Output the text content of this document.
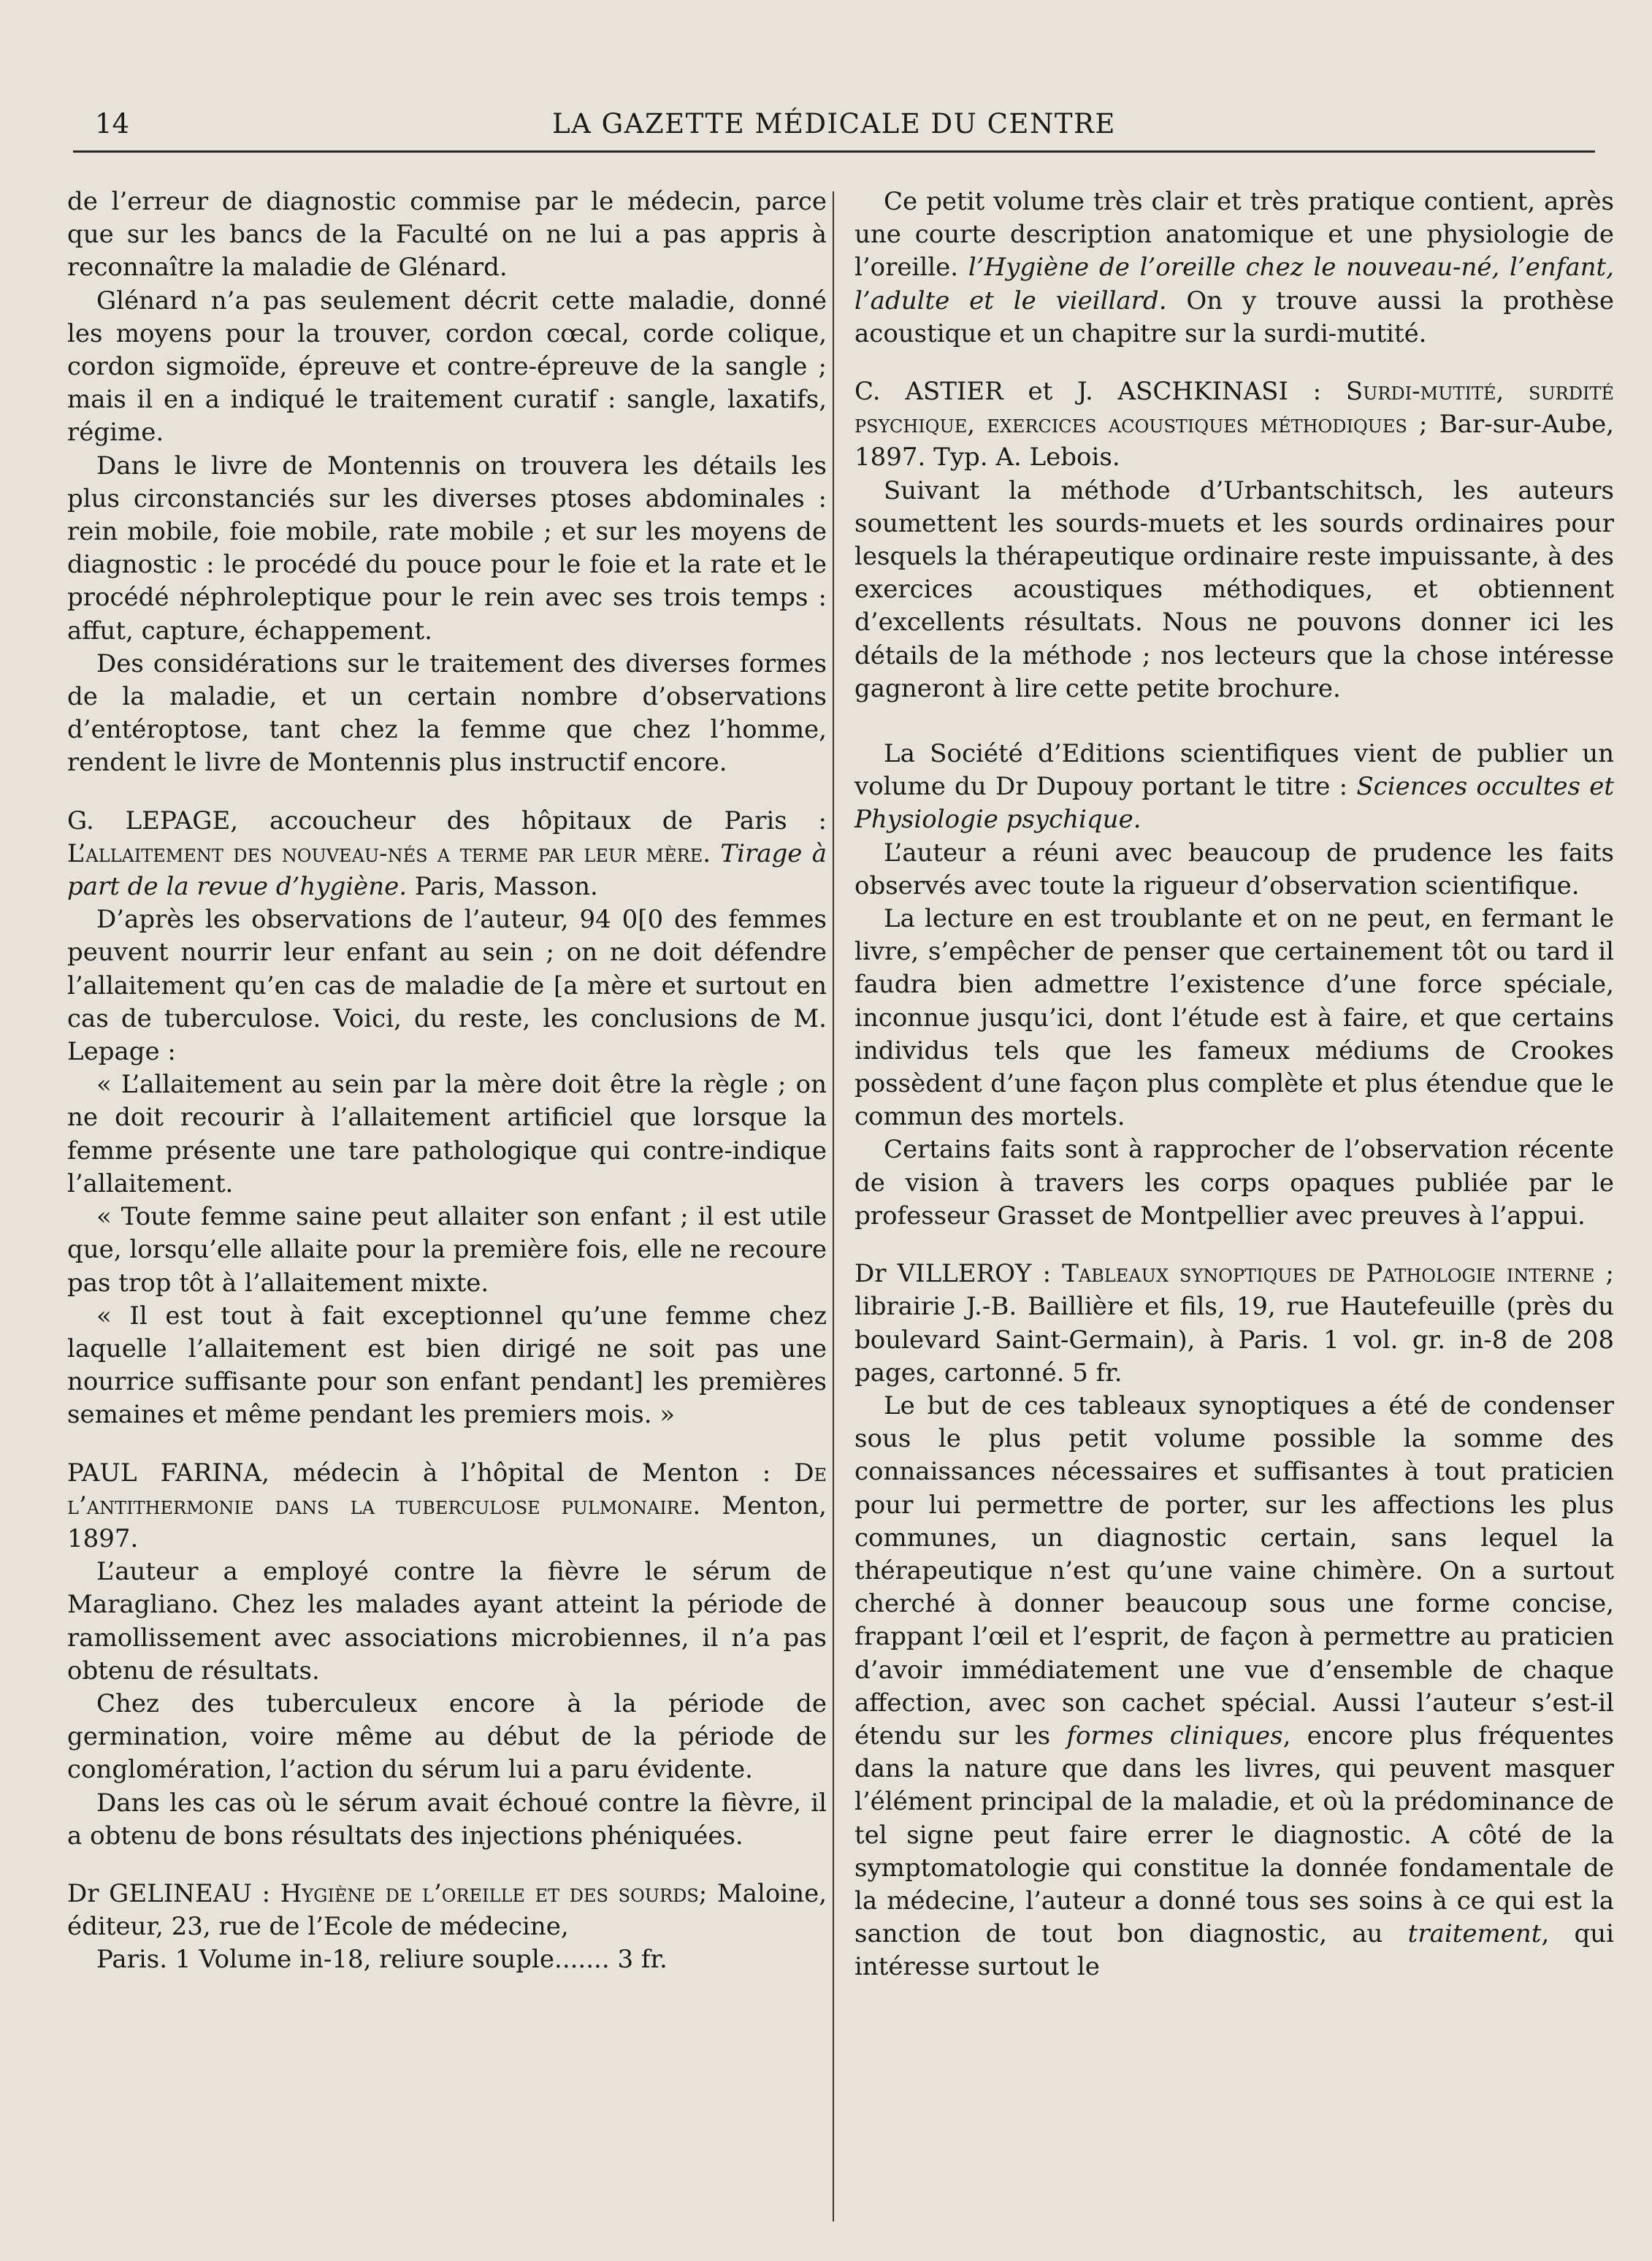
14	LA GAZETTE MÉDICALE DU CENTRE

de l’erreur de diagnostic commise par le médecin, parce que sur les bancs de la Faculté on ne lui a pas appris à reconnaître la maladie de Glénard.

Glénard n’a pas seulement décrit cette maladie, donné les moyens pour la trouver, cordon cœcal, corde colique, cordon sigmoïde, épreuve et contre-épreuve de la sangle ; mais il en a indiqué le traitement curatif : sangle, laxatifs, régime.

Dans le livre de Montennis on trouvera les détails les plus circonstanciés sur les diverses ptoses abdominales : rein mobile, foie mobile, rate mobile ; et sur les moyens de diagnostic : le procédé du pouce pour le foie et la rate et le procédé néphroleptique pour le rein avec ses trois temps : affut, capture, échappement.

Des considérations sur le traitement des diverses formes de la maladie, et un certain nombre d’observations d’entéroptose, tant chez la femme que chez l’homme, rendent le livre de Montennis plus instructif encore.

G. LEPAGE, accoucheur des hôpitaux de Paris : L’allaitement des nouveau-nés a terme par leur mère. Tirage à part de la revue d’hygiène. Paris, Masson.

D’après les observations de l’auteur, 94 0[0 des femmes peuvent nourrir leur enfant au sein ; on ne doit défendre l’allaitement qu’en cas de maladie de [a mère et surtout en cas de tuberculose. Voici, du reste, les conclusions de M. Lepage :

« L’allaitement au sein par la mère doit être la règle ; on ne doit recourir à l’allaitement artificiel que lorsque la femme présente une tare pathologique qui contre-indique l’allaitement.

« Toute femme saine peut allaiter son enfant ; il est utile que, lorsqu’elle allaite pour la première fois, elle ne recoure pas trop tôt à l’allaitement mixte.

« Il est tout à fait exceptionnel qu’une femme chez laquelle l’allaitement est bien dirigé ne soit pas une nourrice suffisante pour son enfant pendant] les premières semaines et même pendant les premiers mois. »

PAUL FARINA, médecin à l’hôpital de Menton : De l’antithermonie dans la tuberculose pulmonaire. Menton, 1897.

L’auteur a employé contre la fièvre le sérum de Maragliano. Chez les malades ayant atteint la période de ramollissement avec associations microbiennes, il n’a pas obtenu de résultats.

Chez des tuberculeux encore à la période de germination, voire même au début de la période de conglomération, l’action du sérum lui a paru évidente.

Dans les cas où le sérum avait échoué contre la fièvre, il a obtenu de bons résultats des injections phéniquées.

Dr GELINEAU : Hygiène de l’oreille et des sourds; Maloine, éditeur, 23, rue de l’Ecole de médecine,
Paris. 1 Volume in-18, reliure souple....... 3 fr.

Ce petit volume très clair et très pratique contient, après une courte description anatomique et une physiologie de l’oreille. l’Hygiène de l’oreille chez le nouveau-né, l’enfant, l’adulte et le vieillard. On y trouve aussi la prothèse acoustique et un chapitre sur la surdi-mutité.

C. ASTIER et J. ASCHKINASI : Surdi-mutité, surdité psychique, exercices acoustiques méthodiques ; Bar-sur-Aube, 1897. Typ. A. Lebois.

Suivant la méthode d’Urbantschitsch, les auteurs soumettent les sourds-muets et les sourds ordinaires pour lesquels la thérapeutique ordinaire reste impuissante, à des exercices acoustiques méthodiques, et obtiennent d’excellents résultats. Nous ne pouvons donner ici les détails de la méthode ; nos lecteurs que la chose intéresse gagneront à lire cette petite brochure.

La Société d’Editions scientifiques vient de publier un volume du Dr Dupouy portant le titre : Sciences occultes et Physiologie psychique.

L’auteur a réuni avec beaucoup de prudence les faits observés avec toute la rigueur d’observation scientifique.

La lecture en est troublante et on ne peut, en fermant le livre, s’empêcher de penser que certainement tôt ou tard il faudra bien admettre l’existence d’une force spéciale, inconnue jusqu’ici, dont l’étude est à faire, et que certains individus tels que les fameux médiums de Crookes possèdent d’une façon plus complète et plus étendue que le commun des mortels.

Certains faits sont à rapprocher de l’observation récente de vision à travers les corps opaques publiée par le professeur Grasset de Montpellier avec preuves à l’appui.

Dr VILLEROY : Tableaux synoptiques de Pathologie interne ; librairie J.-B. Baillière et fils, 19, rue Hautefeuille (près du boulevard Saint-Germain), à Paris. 1 vol. gr. in-8 de 208 pages, cartonné. 5 fr.

Le but de ces tableaux synoptiques a été de condenser sous le plus petit volume possible la somme des connaissances nécessaires et suffisantes à tout praticien pour lui permettre de porter, sur les affections les plus communes, un diagnostic certain, sans lequel la thérapeutique n’est qu’une vaine chimère. On a surtout cherché à donner beaucoup sous une forme concise, frappant l’œil et l’esprit, de façon à permettre au praticien d’avoir immédiatement une vue d’ensemble de chaque affection, avec son cachet spécial. Aussi l’auteur s’est-il étendu sur les formes cliniques, encore plus fréquentes dans la nature que dans les livres, qui peuvent masquer l’élément principal de la maladie, et où la prédominance de tel signe peut faire errer le diagnostic. A côté de la symptomatologie qui constitue la donnée fondamentale de la médecine, l’auteur a donné tous ses soins à ce qui est la sanction de tout bon diagnostic, au traitement, qui intéresse surtout le
